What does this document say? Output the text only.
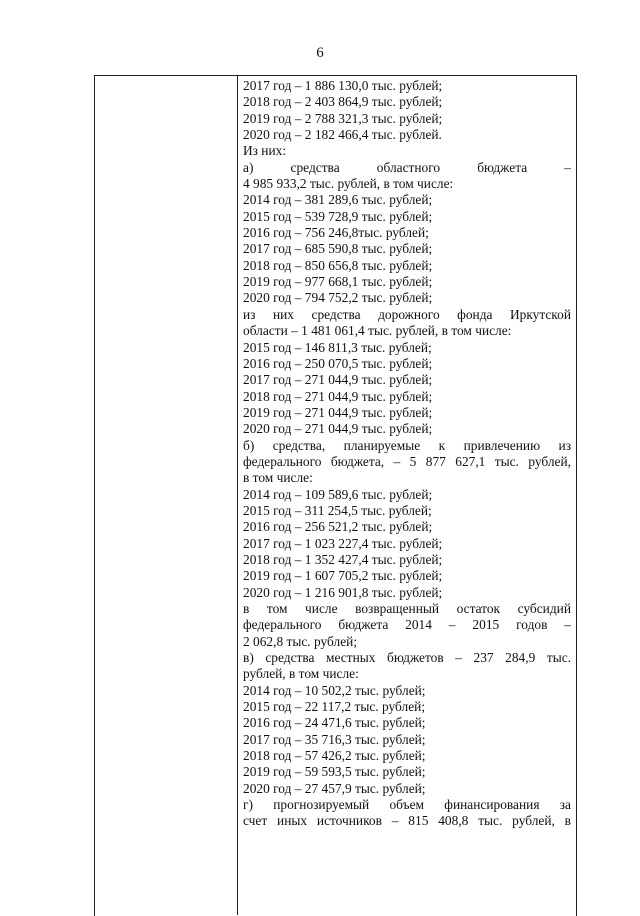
6
2017 год – 1 886 130,0 тыс. рублей;
2018 год – 2 403 864,9 тыс. рублей;
2019 год – 2 788 321,3 тыс. рублей;
2020 год – 2 182 466,4 тыс. рублей.
Из них:
а) средства областного бюджета –
4 985 933,2 тыс. рублей, в том числе:
2014 год – 381 289,6 тыс. рублей;
2015 год – 539 728,9 тыс. рублей;
2016 год – 756 246,8тыс. рублей;
2017 год – 685 590,8 тыс. рублей;
2018 год – 850 656,8 тыс. рублей;
2019 год – 977 668,1 тыс. рублей;
2020 год – 794 752,2 тыс. рублей;
из них средства дорожного фонда Иркутской
области – 1 481 061,4 тыс. рублей, в том числе:
2015 год – 146 811,3 тыс. рублей;
2016 год – 250 070,5 тыс. рублей;
2017 год – 271 044,9 тыс. рублей;
2018 год – 271 044,9 тыс. рублей;
2019 год – 271 044,9 тыс. рублей;
2020 год – 271 044,9 тыс. рублей;
б) средства, планируемые к привлечению из
федерального бюджета, – 5 877 627,1 тыс. рублей,
в том числе:
2014 год – 109 589,6 тыс. рублей;
2015 год – 311 254,5 тыс. рублей;
2016 год – 256 521,2 тыс. рублей;
2017 год – 1 023 227,4 тыс. рублей;
2018 год – 1 352 427,4 тыс. рублей;
2019 год – 1 607 705,2 тыс. рублей;
2020 год – 1 216 901,8 тыс. рублей;
в том числе возвращенный остаток субсидий
федерального бюджета 2014 – 2015 годов –
2 062,8 тыс. рублей;
в) средства местных бюджетов – 237 284,9 тыс.
рублей, в том числе:
2014 год – 10 502,2 тыс. рублей;
2015 год – 22 117,2 тыс. рублей;
2016 год – 24 471,6 тыс. рублей;
2017 год – 35 716,3 тыс. рублей;
2018 год – 57 426,2 тыс. рублей;
2019 год – 59 593,5 тыс. рублей;
2020 год – 27 457,9 тыс. рублей;
г) прогнозируемый объем финансирования за
счет иных источников – 815 408,8 тыс. рублей, в
